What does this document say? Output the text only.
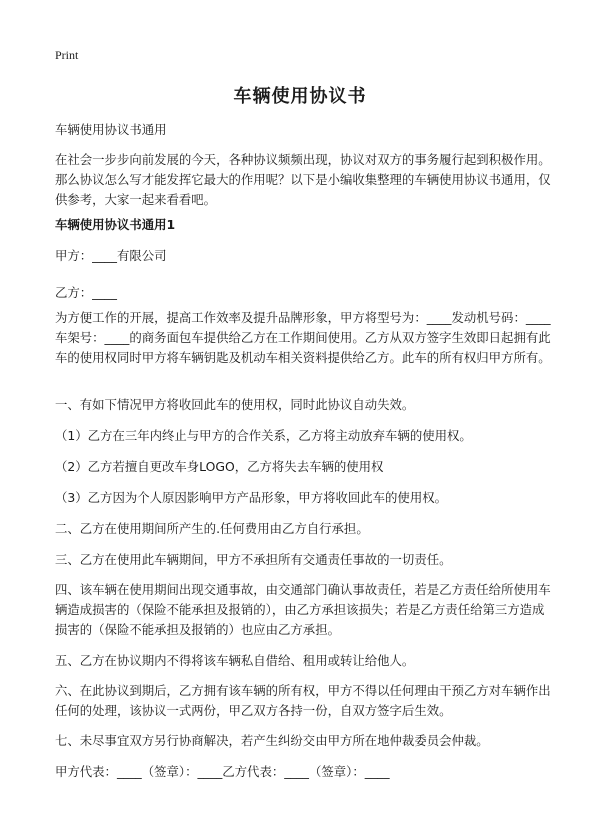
Print
车辆使用协议书
车辆使用协议书通用
在社会一步步向前发展的今天，各种协议频频出现，协议对双方的事务履行起到积极作用。那么协议怎么写才能发挥它最大的作用呢？以下是小编收集整理的车辆使用协议书通用，仅供参考，大家一起来看看吧。
车辆使用协议书通用1
甲方：____有限公司
乙方：____
为方便工作的开展，提高工作效率及提升品牌形象，甲方将型号为：____发动机号码：____车架号：____的商务面包车提供给乙方在工作期间使用。乙方从双方签字生效即日起拥有此车的使用权同时甲方将车辆钥匙及机动车相关资料提供给乙方。此车的所有权归甲方所有。
一、有如下情况甲方将收回此车的使用权，同时此协议自动失效。
（1）乙方在三年内终止与甲方的合作关系，乙方将主动放弃车辆的使用权。
（2）乙方若擅自更改车身LOGO，乙方将失去车辆的使用权
（3）乙方因为个人原因影响甲方产品形象，甲方将收回此车的使用权。
二、乙方在使用期间所产生的.任何费用由乙方自行承担。
三、乙方在使用此车辆期间，甲方不承担所有交通责任事故的一切责任。
四、该车辆在使用期间出现交通事故，由交通部门确认事故责任，若是乙方责任给所使用车辆造成损害的（保险不能承担及报销的），由乙方承担该损失；若是乙方责任给第三方造成损害的（保险不能承担及报销的）也应由乙方承担。
五、乙方在协议期内不得将该车辆私自借给、租用或转让给他人。
六、在此协议到期后，乙方拥有该车辆的所有权，甲方不得以任何理由干预乙方对车辆作出任何的处理，该协议一式两份，甲乙双方各持一份，自双方签字后生效。
七、未尽事宜双方另行协商解决，若产生纠纷交由甲方所在地仲裁委员会仲裁。
甲方代表：____（签章）：____乙方代表：____（签章）：____
